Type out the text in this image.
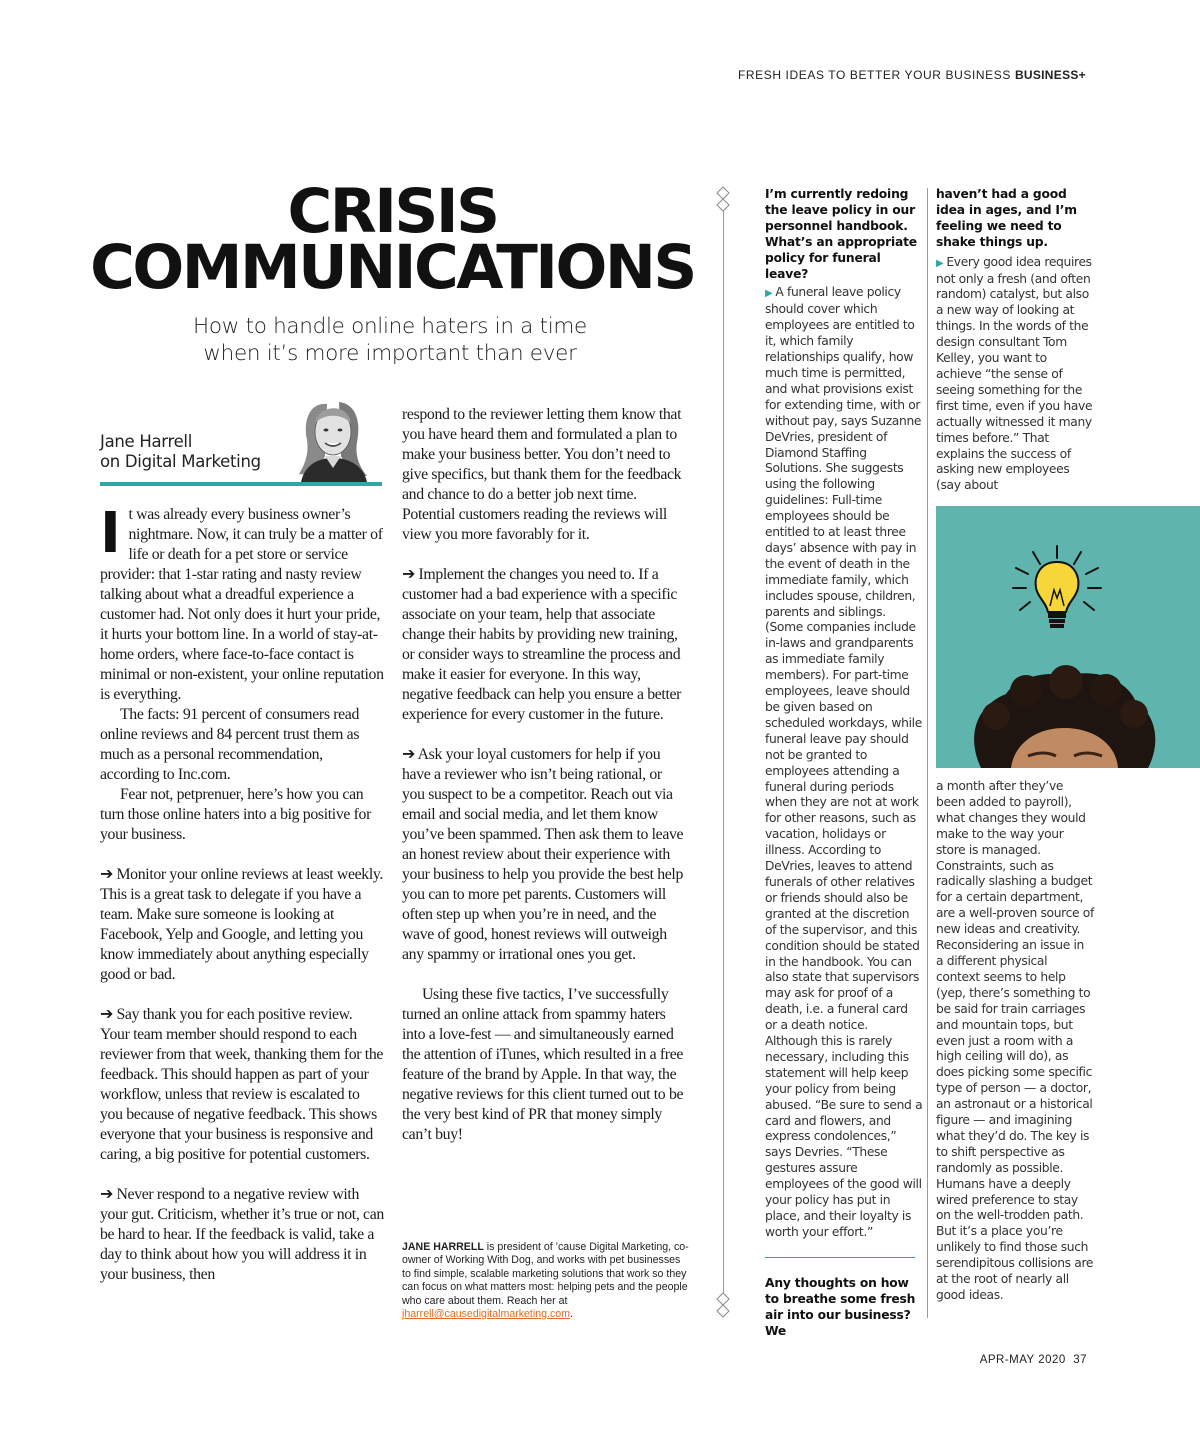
FRESH IDEAS TO BETTER YOUR BUSINESS BUSINESS+
CRISIS
COMMUNICATIONS
How to handle online haters in a time
when it’s more important than ever
Jane Harrell
on Digital Marketing

It was already every business owner’s nightmare. Now, it can truly be a matter of life or death for a pet store or service provider: that 1-star rating and nasty review talking about what a dreadful experience a customer had. Not only does it hurt your pride, it hurts your bottom line. In a world of stay-at-home orders, where face-to-face contact is minimal or non-existent, your online reputation is everything.

The facts: 91 percent of consumers read online reviews and 84 percent trust them as much as a personal recommendation, according to Inc.com.

Fear not, petprenuer, here’s how you can turn those online haters into a big positive for your business.

➔ Monitor your online reviews at least weekly. This is a great task to delegate if you have a team. Make sure someone is looking at Facebook, Yelp and Google, and letting you know immediately about anything especially good or bad.

➔ Say thank you for each positive review. Your team member should respond to each reviewer from that week, thanking them for the feedback. This should happen as part of your workflow, unless that review is escalated to you because of negative feedback. This shows everyone that your business is responsive and caring, a big positive for potential customers.

➔ Never respond to a negative review with your gut. Criticism, whether it’s true or not, can be hard to hear. If the feedback is valid, take a day to think about how you will address it in your business, then

respond to the reviewer letting them know that you have heard them and formulated a plan to make your business better. You don’t need to give specifics, but thank them for the feedback and chance to do a better job next time. Potential customers reading the reviews will view you more favorably for it.

➔ Implement the changes you need to. If a customer had a bad experience with a specific associate on your team, help that associate change their habits by providing new training, or consider ways to streamline the process and make it easier for everyone. In this way, negative feedback can help you ensure a better experience for every customer in the future.

➔ Ask your loyal customers for help if you have a reviewer who isn’t being rational, or you suspect to be a competitor. Reach out via email and social media, and let them know you’ve been spammed. Then ask them to leave an honest review about their experience with your business to help you provide the best help you can to more pet parents. Customers will often step up when you’re in need, and the wave of good, honest reviews will outweigh any spammy or irrational ones you get.

Using these five tactics, I’ve successfully turned an online attack from spammy haters into a love-fest — and simultaneously earned the attention of iTunes, which resulted in a free feature of the brand by Apple. In that way, the negative reviews for this client turned out to be the very best kind of PR that money simply can’t buy!

JANE HARRELL is president of ’cause Digital Marketing, co-owner of Working With Dog, and works with pet businesses to find simple, scalable marketing solutions that work so they can focus on what matters most: helping pets and the people who care about them. Reach her at jharrell@causedigitalmarketing.com.
I’m currently redoing the leave policy in our personnel handbook. What’s an appropriate policy for funeral leave?
▶ A funeral leave policy should cover which employees are entitled to it, which family relationships qualify, how much time is permitted, and what provisions exist for extending time, with or without pay, says Suzanne DeVries, president of Diamond Staffing Solutions. She suggests using the following guidelines: Full-time employees should be entitled to at least three days’ absence with pay in the event of death in the immediate family, which includes spouse, children, parents and siblings. (Some companies include in-laws and grandparents as immediate family members). For part-time employees, leave should be given based on scheduled workdays, while funeral leave pay should not be granted to employees attending a funeral during periods when they are not at work for other reasons, such as vacation, holidays or illness. According to DeVries, leaves to attend funerals of other relatives or friends should also be granted at the discretion of the supervisor, and this condition should be stated in the handbook. You can also state that supervisors may ask for proof of a death, i.e. a funeral card or a death notice. Although this is rarely necessary, including this statement will help keep your policy from being abused. “Be sure to send a card and flowers, and express condolences,” says Devries. “These gestures assure employees of the good will your policy has put in place, and their loyalty is worth your effort.”
Any thoughts on how to breathe some fresh air into our business? We
haven’t had a good idea in ages, and I’m feeling we need to shake things up.
▶ Every good idea requires not only a fresh (and often random) catalyst, but also a new way of looking at things. In the words of the design consultant Tom Kelley, you want to achieve “the sense of seeing something for the first time, even if you have actually witnessed it many times before.” That explains the success of asking new employees (say about
a month after they’ve been added to payroll), what changes they would make to the way your store is managed. Constraints, such as radically slashing a budget for a certain department, are a well-proven source of new ideas and creativity. Reconsidering an issue in a different physical context seems to help (yep, there’s something to be said for train carriages and mountain tops, but even just a room with a high ceiling will do), as does picking some specific type of person — a doctor, an astronaut or a historical figure — and imagining what they’d do. The key is to shift perspective as randomly as possible. Humans have a deeply wired preference to stay on the well-trodden path. But it’s a place you’re unlikely to find those such serendipitous collisions are at the root of nearly all good ideas.
APR-MAY 2020 37
